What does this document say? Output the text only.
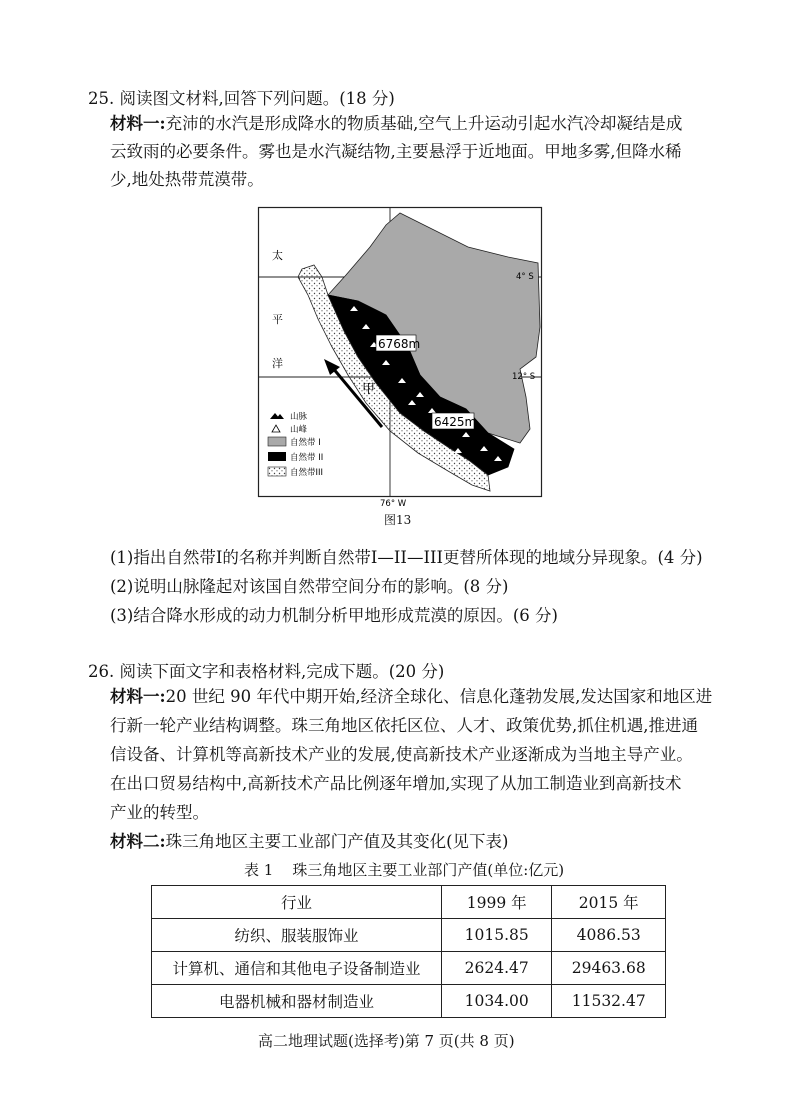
25. 阅读图文材料,回答下列问题。(18 分)
材料一:充沛的水汽是形成降水的物质基础,空气上升运动引起水汽冷却凝结是成
云致雨的必要条件。雾也是水汽凝结物,主要悬浮于近地面。甲地多雾,但降水稀
少,地处热带荒漠带。
6768m
6425m
甲
太
平
洋
4° S
12° S
76° W
山脉
山峰
自然带 I
自然带 II
自然带III
图13
(1)指出自然带I的名称并判断自然带I—II—III更替所体现的地域分异现象。(4 分)
(2)说明山脉隆起对该国自然带空间分布的影响。(8 分)
(3)结合降水形成的动力机制分析甲地形成荒漠的原因。(6 分)
26. 阅读下面文字和表格材料,完成下题。(20 分)
材料一:20 世纪 90 年代中期开始,经济全球化、信息化蓬勃发展,发达国家和地区进
行新一轮产业结构调整。珠三角地区依托区位、人才、政策优势,抓住机遇,推进通
信设备、计算机等高新技术产业的发展,使高新技术产业逐渐成为当地主导产业。
在出口贸易结构中,高新技术产品比例逐年增加,实现了从加工制造业到高新技术
产业的转型。
材料二:珠三角地区主要工业部门产值及其变化(见下表)
表 1    珠三角地区主要工业部门产值(单位:亿元)
行业	1999 年	2015 年
纺织、服装服饰业	1015.85	4086.53
计算机、通信和其他电子设备制造业	2624.47	29463.68
电器机械和器材制造业	1034.00	11532.47
高二地理试题(选择考)第 7 页(共 8 页)
